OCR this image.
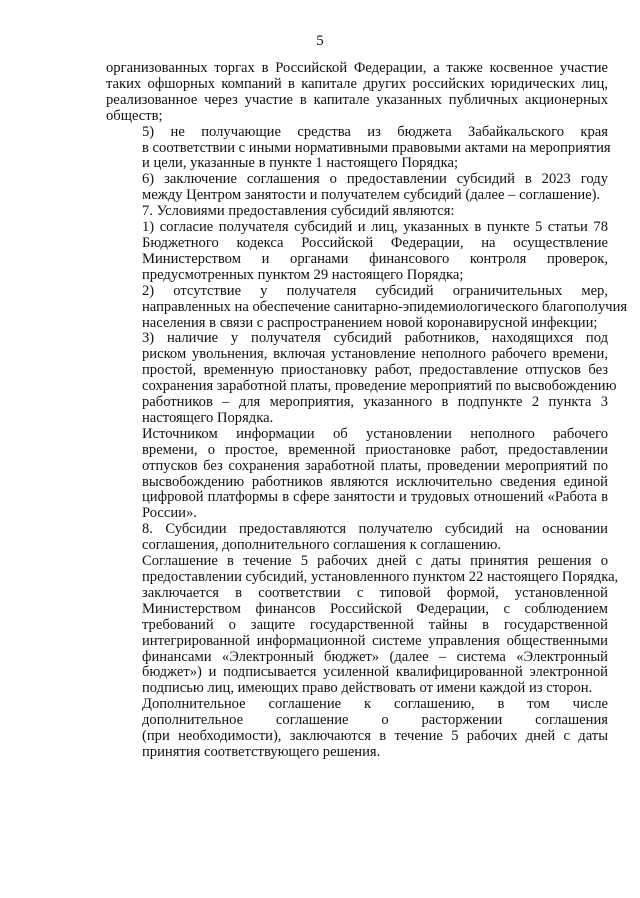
5
организованных торгах в Российской Федерации, а также косвенное участие
таких офшорных компаний в капитале других российских юридических лиц,
реализованное через участие в капитале указанных публичных акционерных
обществ;
5) не получающие средства из бюджета Забайкальского края
в соответствии с иными нормативными правовыми актами на мероприятия
и цели, указанные в пункте 1 настоящего Порядка;
6) заключение соглашения о предоставлении субсидий в 2023 году
между Центром занятости и получателем субсидий (далее – соглашение).
7. Условиями предоставления субсидий являются:
1) согласие получателя субсидий и лиц, указанных в пункте 5 статьи 78
Бюджетного кодекса Российской Федерации, на осуществление
Министерством и органами финансового контроля проверок,
предусмотренных пунктом 29 настоящего Порядка;
2) отсутствие у получателя субсидий ограничительных мер,
направленных на обеспечение санитарно-эпидемиологического благополучия
населения в связи с распространением новой коронавирусной инфекции;
3) наличие у получателя субсидий работников, находящихся под
риском увольнения, включая установление неполного рабочего времени,
простой, временную приостановку работ, предоставление отпусков без
сохранения заработной платы, проведение мероприятий по высвобождению
работников – для мероприятия, указанного в подпункте 2 пункта 3
настоящего Порядка.
Источником информации об установлении неполного рабочего
времени, о простое, временной приостановке работ, предоставлении
отпусков без сохранения заработной платы, проведении мероприятий по
высвобождению работников являются исключительно сведения единой
цифровой платформы в сфере занятости и трудовых отношений «Работа в
России».
8. Субсидии предоставляются получателю субсидий на основании
соглашения, дополнительного соглашения к соглашению.
Соглашение в течение 5 рабочих дней с даты принятия решения о
предоставлении субсидий, установленного пунктом 22 настоящего Порядка,
заключается в соответствии с типовой формой, установленной
Министерством финансов Российской Федерации, с соблюдением
требований о защите государственной тайны в государственной
интегрированной информационной системе управления общественными
финансами «Электронный бюджет» (далее – система «Электронный
бюджет») и подписывается усиленной квалифицированной электронной
подписью лиц, имеющих право действовать от имени каждой из сторон.
Дополнительное соглашение к соглашению, в том числе
дополнительное соглашение о расторжении соглашения
(при необходимости), заключаются в течение 5 рабочих дней с даты
принятия соответствующего решения.
